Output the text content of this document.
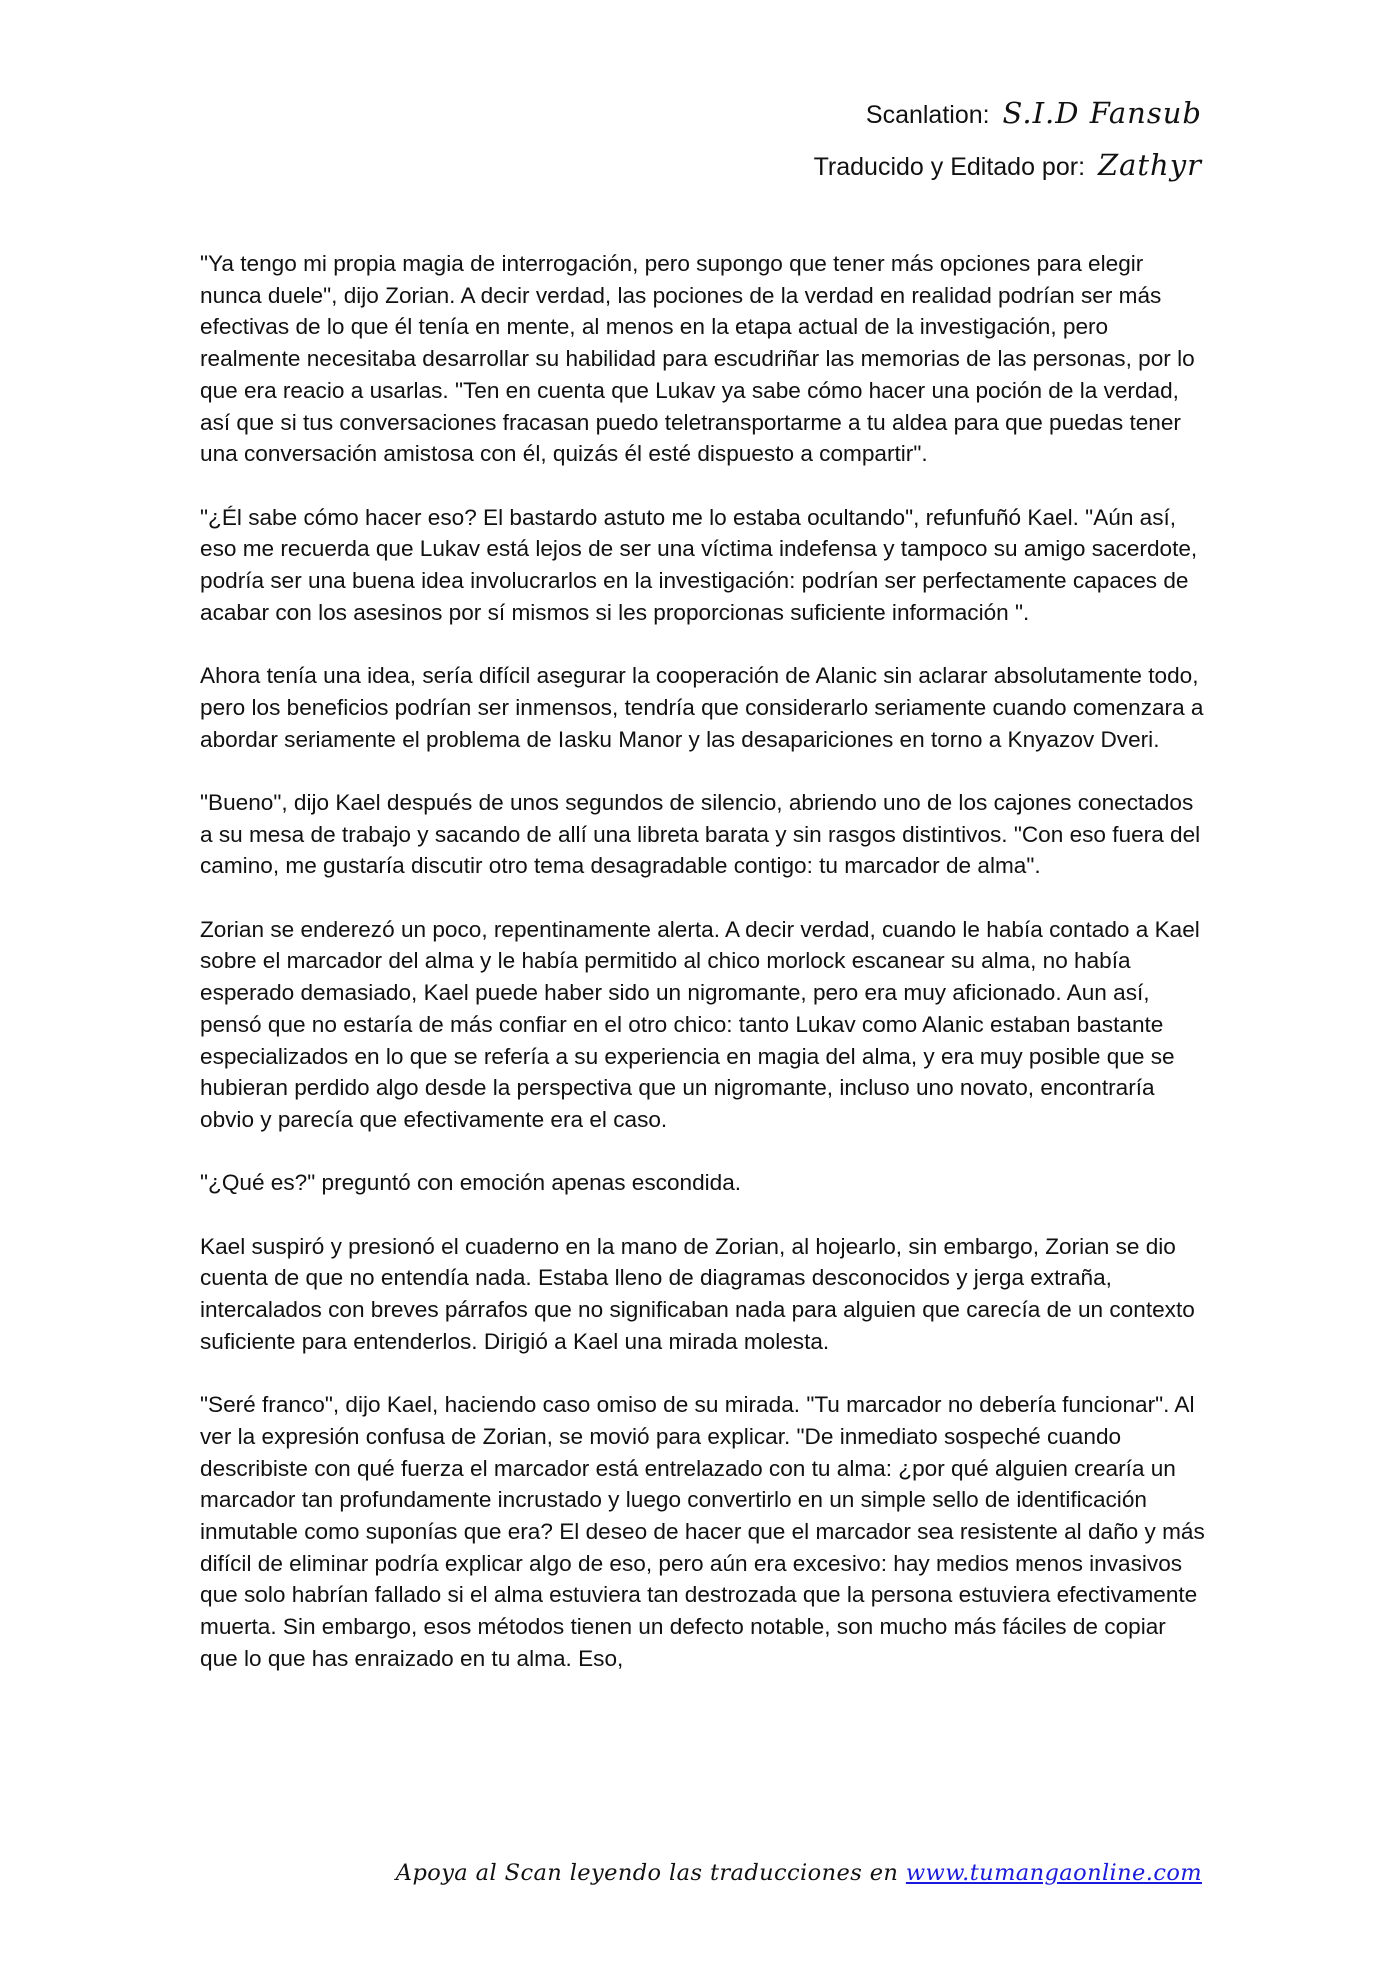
Scanlation: S.I.D Fansub
Traducido y Editado por: Zathyr

"Ya tengo mi propia magia de interrogación, pero supongo que tener más opciones para elegir nunca duele", dijo Zorian. A decir verdad, las pociones de la verdad en realidad podrían ser más efectivas de lo que él tenía en mente, al menos en la etapa actual de la investigación, pero realmente necesitaba desarrollar su habilidad para escudriñar las memorias de las personas, por lo que era reacio a usarlas. "Ten en cuenta que Lukav ya sabe cómo hacer una poción de la verdad, así que si tus conversaciones fracasan puedo teletransportarme a tu aldea para que puedas tener una conversación amistosa con él, quizás él esté dispuesto a compartir".

"¿Él sabe cómo hacer eso? El bastardo astuto me lo estaba ocultando", refunfuñó Kael. "Aún así, eso me recuerda que Lukav está lejos de ser una víctima indefensa y tampoco su amigo sacerdote, podría ser una buena idea involucrarlos en la investigación: podrían ser perfectamente capaces de acabar con los asesinos por sí mismos si les proporcionas suficiente información ".

Ahora tenía una idea, sería difícil asegurar la cooperación de Alanic sin aclarar absolutamente todo, pero los beneficios podrían ser inmensos, tendría que considerarlo seriamente cuando comenzara a abordar seriamente el problema de Iasku Manor y las desapariciones en torno a Knyazov Dveri.

"Bueno", dijo Kael después de unos segundos de silencio, abriendo uno de los cajones conectados a su mesa de trabajo y sacando de allí una libreta barata y sin rasgos distintivos. "Con eso fuera del camino, me gustaría discutir otro tema desagradable contigo: tu marcador de alma".

Zorian se enderezó un poco, repentinamente alerta. A decir verdad, cuando le había contado a Kael sobre el marcador del alma y le había permitido al chico morlock escanear su alma, no había esperado demasiado, Kael puede haber sido un nigromante, pero era muy aficionado. Aun así, pensó que no estaría de más confiar en el otro chico: tanto Lukav como Alanic estaban bastante especializados en lo que se refería a su experiencia en magia del alma, y era muy posible que se hubieran perdido algo desde la perspectiva que un nigromante, incluso uno novato, encontraría obvio y parecía que efectivamente era el caso.

"¿Qué es?" preguntó con emoción apenas escondida.

Kael suspiró y presionó el cuaderno en la mano de Zorian, al hojearlo, sin embargo, Zorian se dio cuenta de que no entendía nada. Estaba lleno de diagramas desconocidos y jerga extraña, intercalados con breves párrafos que no significaban nada para alguien que carecía de un contexto suficiente para entenderlos. Dirigió a Kael una mirada molesta.

"Seré franco", dijo Kael, haciendo caso omiso de su mirada. "Tu marcador no debería funcionar". Al ver la expresión confusa de Zorian, se movió para explicar. "De inmediato sospeché cuando describiste con qué fuerza el marcador está entrelazado con tu alma: ¿por qué alguien crearía un marcador tan profundamente incrustado y luego convertirlo en un simple sello de identificación inmutable como suponías que era? El deseo de hacer que el marcador sea resistente al daño y más difícil de eliminar podría explicar algo de eso, pero aún era excesivo: hay medios menos invasivos que solo habrían fallado si el alma estuviera tan destrozada que la persona estuviera efectivamente muerta. Sin embargo, esos métodos tienen un defecto notable, son mucho más fáciles de copiar que lo que has enraizado en tu alma. Eso,

Apoya al Scan leyendo las traducciones en www.tumangaonline.com
